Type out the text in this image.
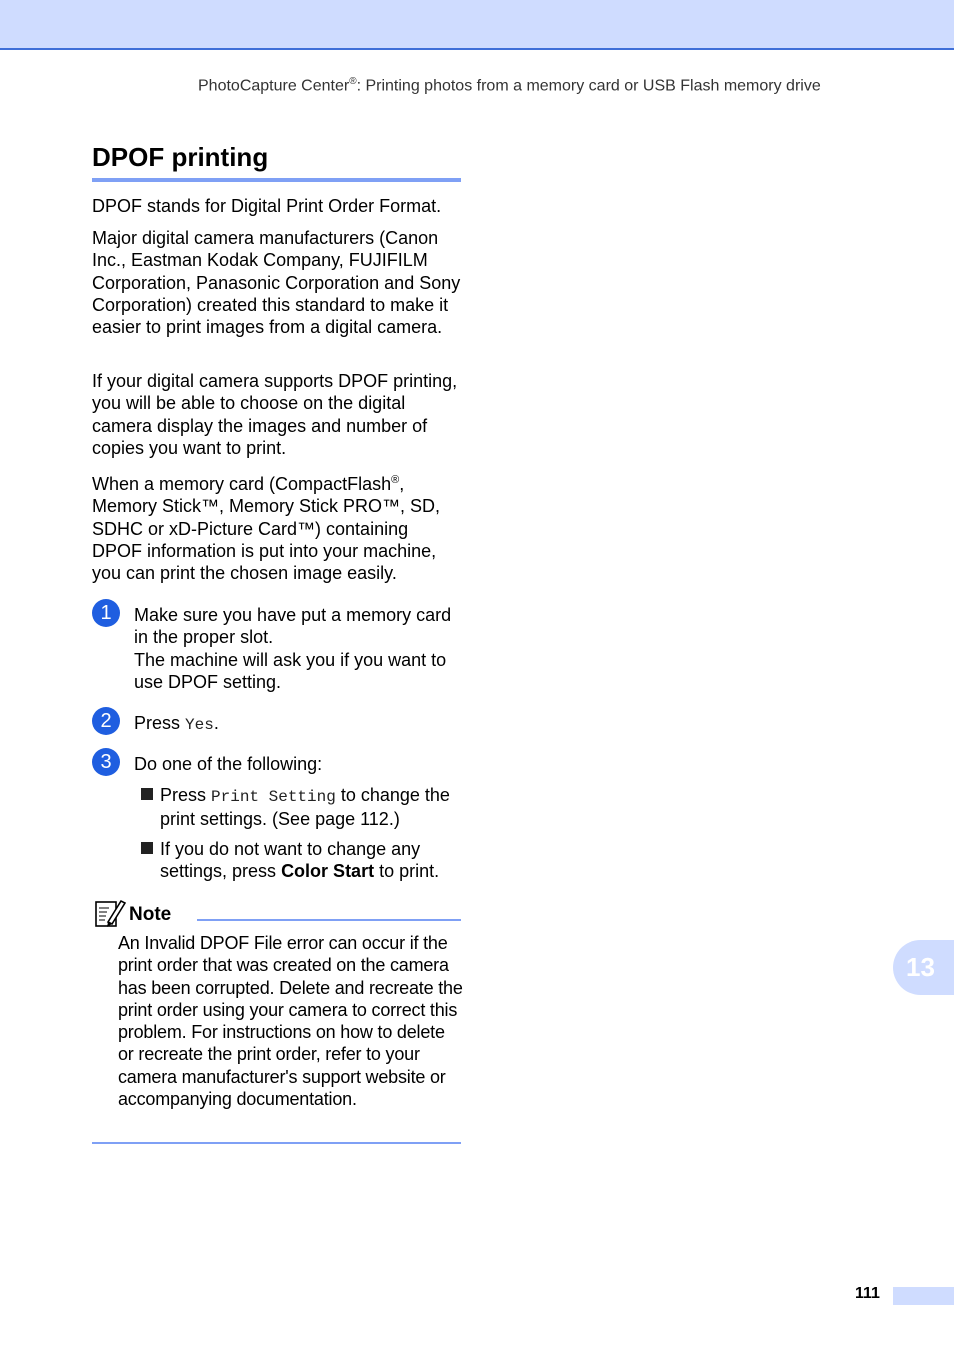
PhotoCapture Center®: Printing photos from a memory card or USB Flash memory drive
DPOF printing
DPOF stands for Digital Print Order Format.
Major digital camera manufacturers (Canon Inc., Eastman Kodak Company, FUJIFILM Corporation, Panasonic Corporation and Sony Corporation) created this standard to make it easier to print images from a digital camera.
If your digital camera supports DPOF printing, you will be able to choose on the digital camera display the images and number of copies you want to print.
When a memory card (CompactFlash®, Memory Stick™, Memory Stick PRO™, SD, SDHC or xD-Picture Card™) containing DPOF information is put into your machine, you can print the chosen image easily.
1	Make sure you have put a memory card in the proper slot.
The machine will ask you if you want to use DPOF setting.
2	Press Yes.
3	Do one of the following:
Press Print Setting to change the print settings. (See page 112.)
If you do not want to change any settings, press Color Start to print.
Note
An Invalid DPOF File error can occur if the print order that was created on the camera has been corrupted. Delete and recreate the print order using your camera to correct this problem. For instructions on how to delete or recreate the print order, refer to your camera manufacturer's support website or accompanying documentation.
13
111
